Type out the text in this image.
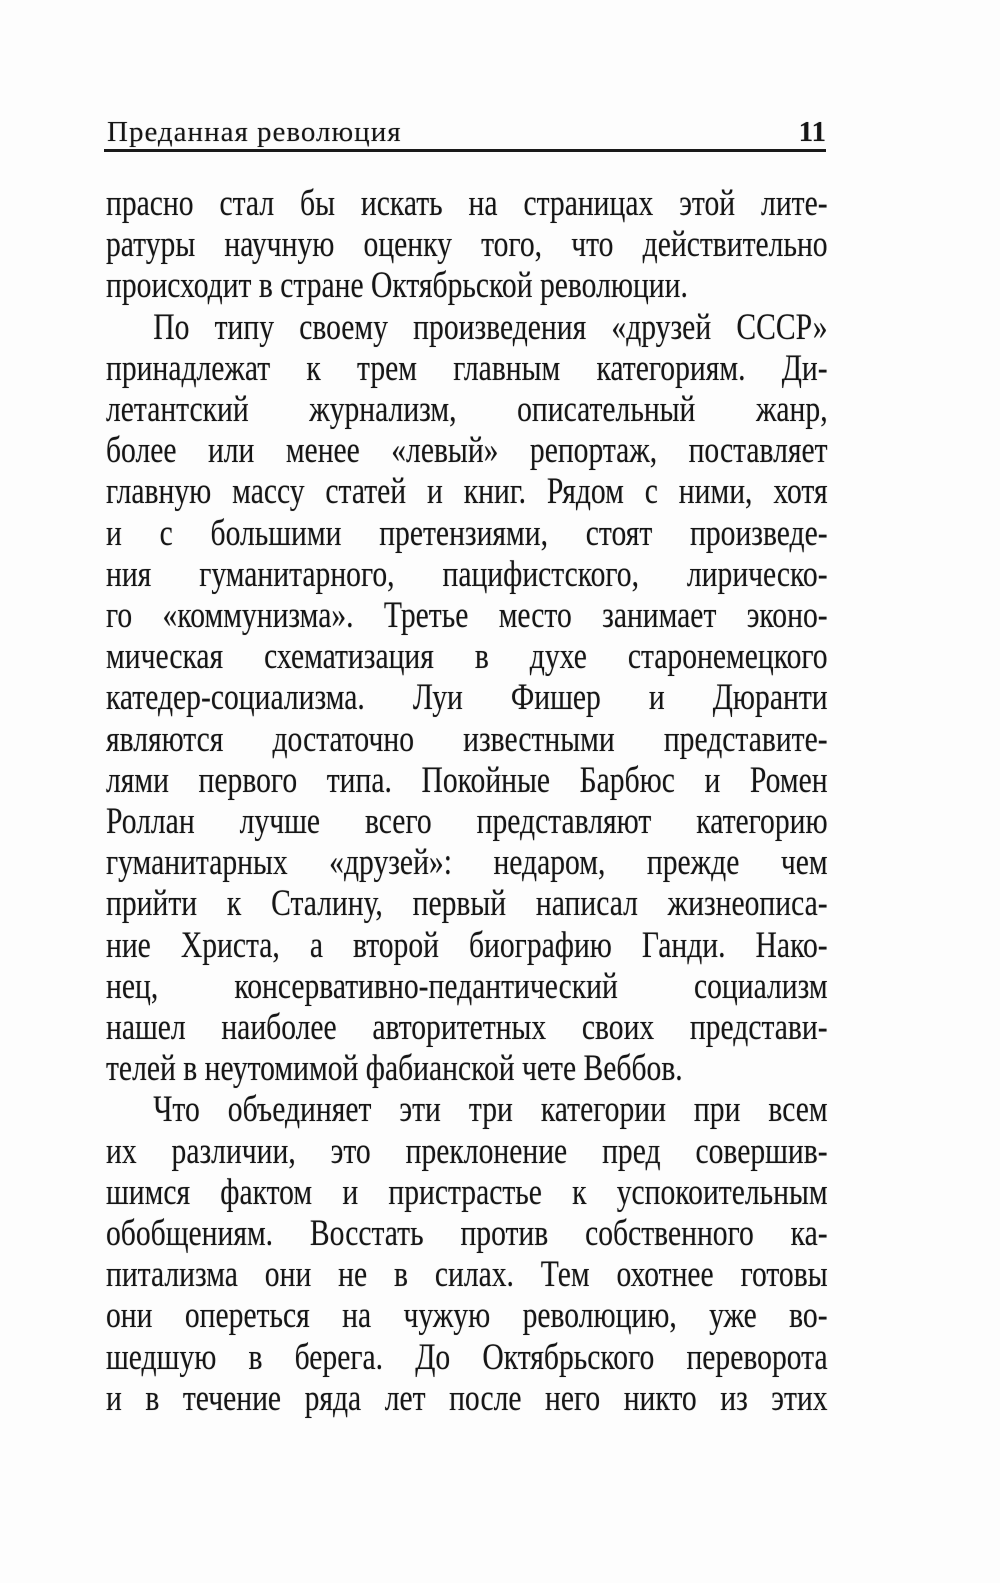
Преданная революция	11
прасно стал бы искать на страницах этой лите-
ратуры научную оценку того, что действительно
происходит в стране Октябрьской революции.
По типу своему произведения «друзей СССР»
принадлежат к трем главным категориям. Ди-
летантский журнализм, описательный жанр,
более или менее «левый» репортаж, поставляет
главную массу статей и книг. Рядом с ними, хотя
и с большими претензиями, стоят произведе-
ния гуманитарного, пацифистского, лирическо-
го «коммунизма». Третье место занимает эконо-
мическая схематизация в духе старонемецкого
катедер-социализма. Луи Фишер и Дюранти
являются достаточно известными представите-
лями первого типа. Покойные Барбюс и Ромен
Роллан лучше всего представляют категорию
гуманитарных «друзей»: недаром, прежде чем
прийти к Сталину, первый написал жизнеописа-
ние Христа, а второй биографию Ганди. Нако-
нец, консервативно-педантический социализм
нашел наиболее авторитетных своих представи-
телей в неутомимой фабианской чете Веббов.
Что объединяет эти три категории при всем
их различии, это преклонение пред совершив-
шимся фактом и пристрастье к успокоительным
обобщениям. Восстать против собственного ка-
питализма они не в силах. Тем охотнее готовы
они опереться на чужую революцию, уже во-
шедшую в берега. До Октябрьского переворота
и в течение ряда лет после него никто из этих
